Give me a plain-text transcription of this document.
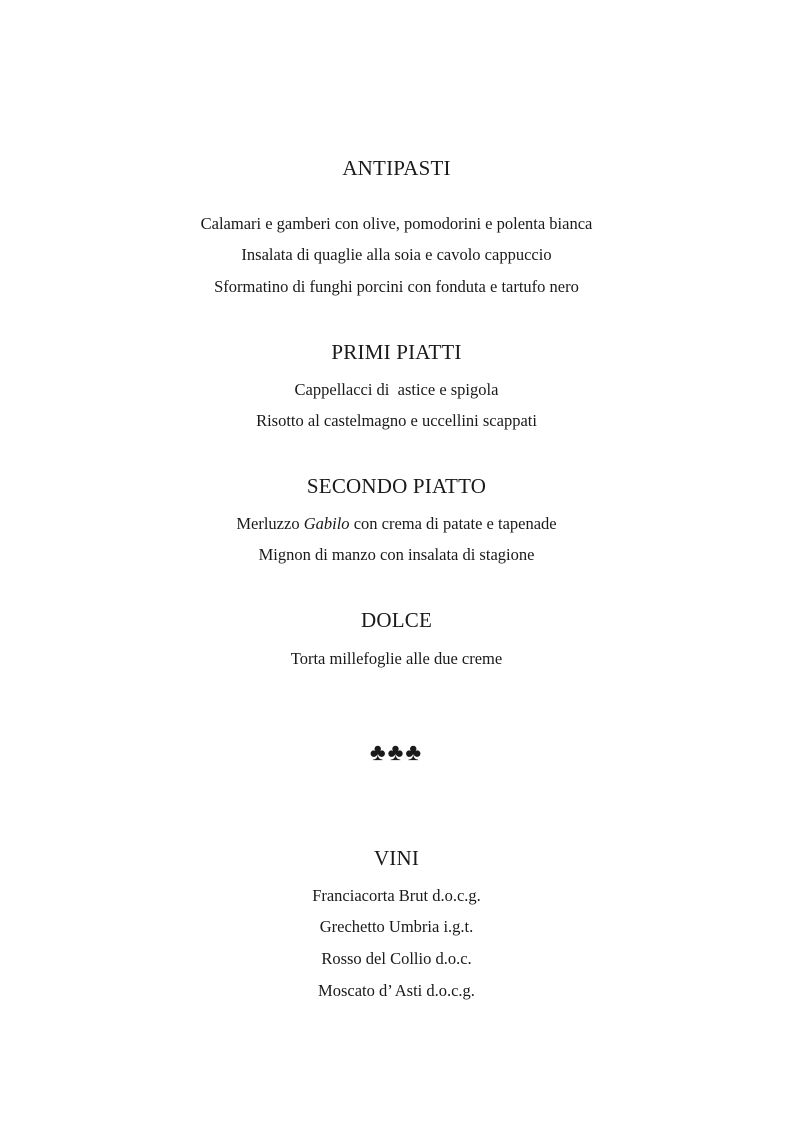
ANTIPASTI
Calamari e gamberi con olive, pomodorini e polenta bianca
Insalata di quaglie alla soia e cavolo cappuccio
Sformatino di funghi porcini con fonduta e tartufo nero
PRIMI PIATTI
Cappellacci di  astice e spigola
Risotto al castelmagno e uccellini scappati
SECONDO PIATTO
Merluzzo Gabilo con crema di patate e tapenade
Mignon di manzo con insalata di stagione
DOLCE
Torta millefoglie alle due creme
♣♣♣
VINI
Franciacorta Brut d.o.c.g.
Grechetto Umbria i.g.t.
Rosso del Collio d.o.c.
Moscato d’ Asti d.o.c.g.
